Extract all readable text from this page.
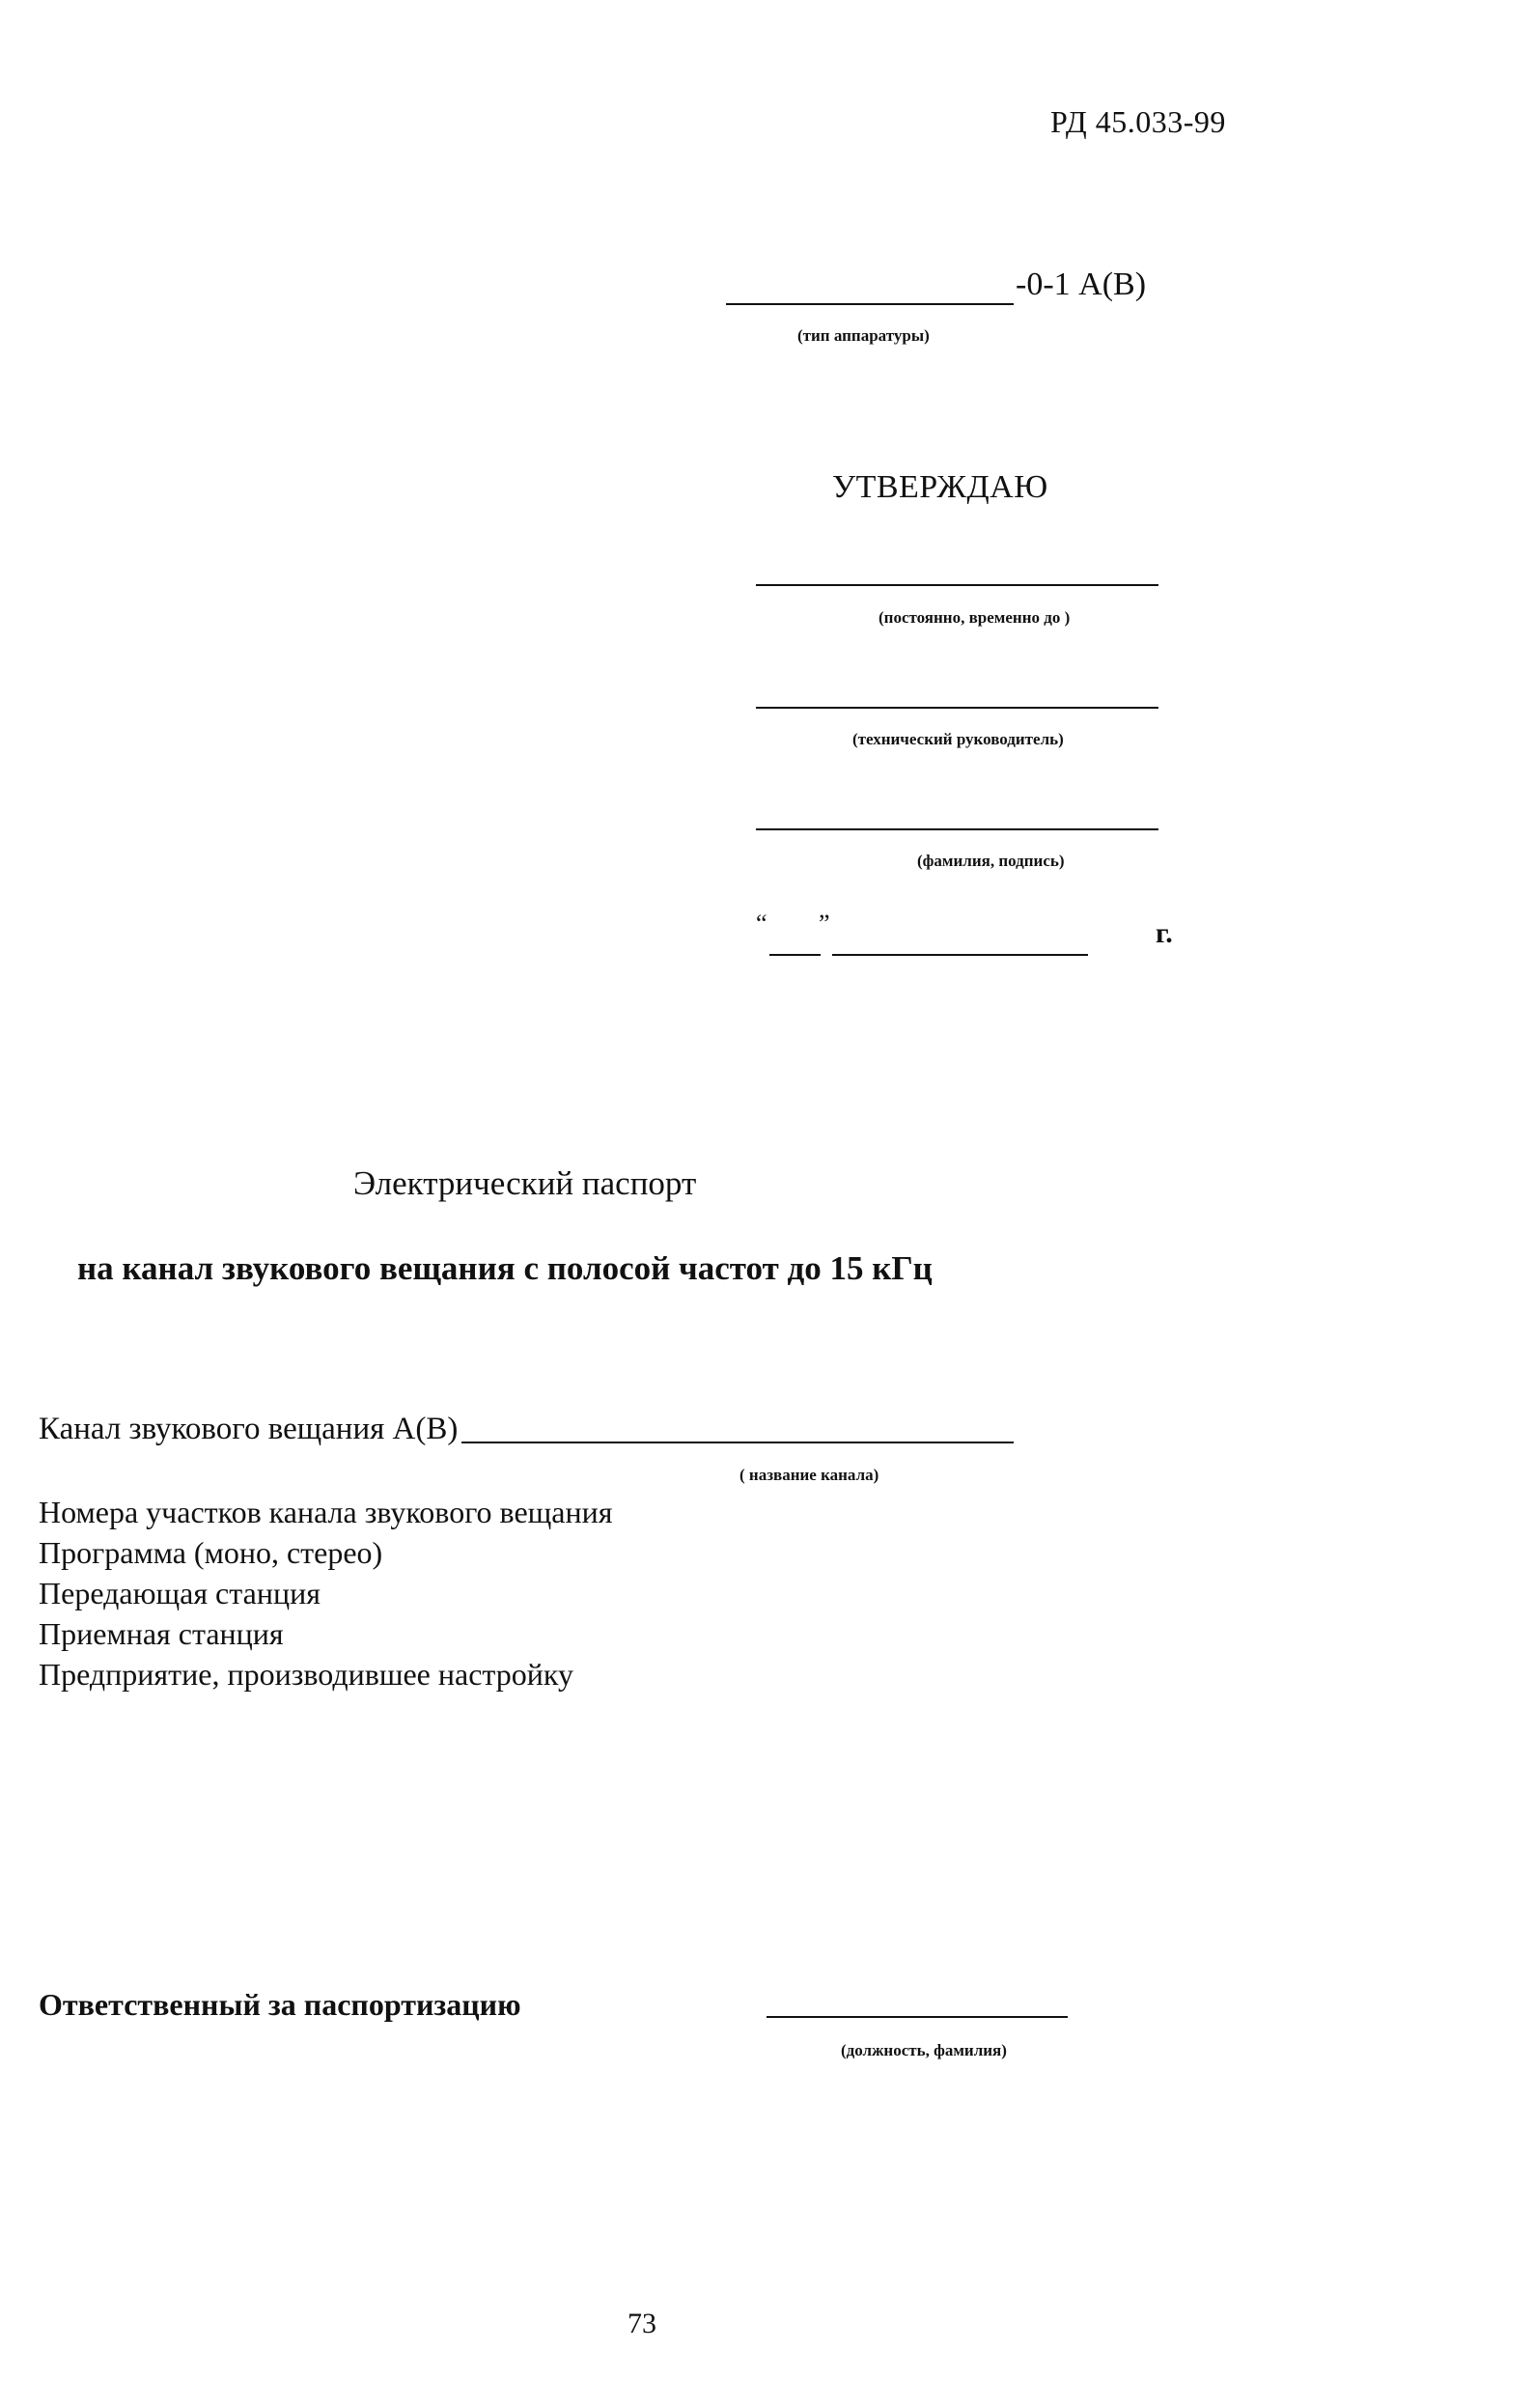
РД 45.033-99
-0-1 А(В)
(тип аппаратуры)
УТВЕРЖДАЮ
(постоянно, временно до )
(технический руководитель)
(фамилия, подпись)
“ ”	г.
Электрический паспорт
на канал звукового вещания с полосой частот до 15 кГц
Канал звукового вещания А(В)
( название канала)
Номера участков канала звукового вещания
Программа (моно, стерео)
Передающая станция
Приемная станция
Предприятие, производившее настройку
Ответственный за паспортизацию
(должность, фамилия)
73
